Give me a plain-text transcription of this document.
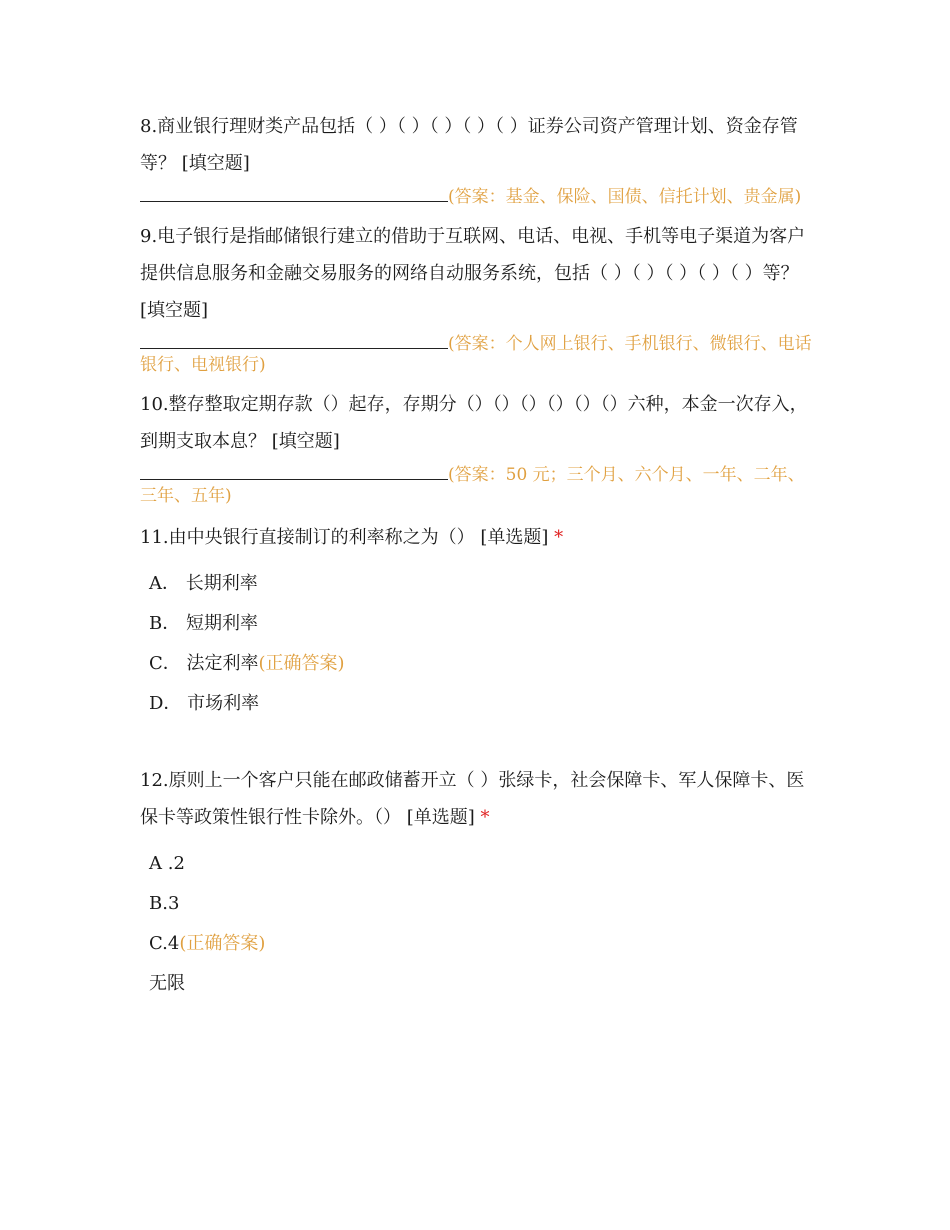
8.商业银行理财类产品包括（ ）（ ）（ ）（ ）（ ）证券公司资产管理计划、资金存管等？ [填空题]
(答案：基金、保险、国债、信托计划、贵金属)
9.电子银行是指邮储银行建立的借助于互联网、电话、电视、手机等电子渠道为客户提供信息服务和金融交易服务的网络自动服务系统，包括（ ）（ ）（ ）（ ）（ ）等？ [填空题]
(答案：个人网上银行、手机银行、微银行、电话银行、电视银行)
10.整存整取定期存款（）起存，存期分（）（）（）（）（）（）六种，本金一次存入，到期支取本息？ [填空题]
(答案：50 元；三个月、六个月、一年、二年、三年、五年)
11.由中央银行直接制订的利率称之为（） [单选题] *
A． 长期利率
B． 短期利率
C． 法定利率(正确答案)
D． 市场利率
12.原则上一个客户只能在邮政储蓄开立（ ）张绿卡，社会保障卡、军人保障卡、医保卡等政策性银行性卡除外。（） [单选题] *
A .2
B.3
C.4(正确答案)
无限
